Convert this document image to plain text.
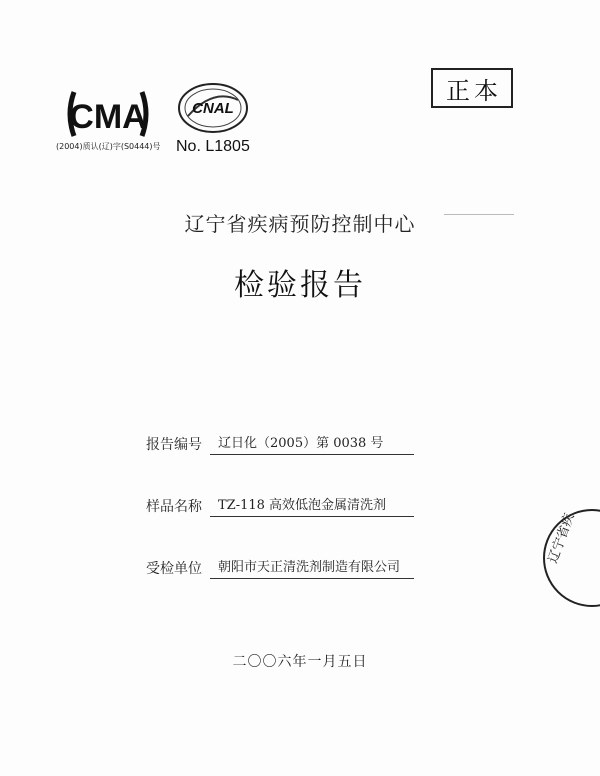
CMA
(2004)质认(辽)字(S0444)号
CNAL
No. L1805
正本
辽宁省疾病预防控制中心
检验报告
报告编号	辽日化（2005）第 0038 号
样品名称	TZ-118 高效低泡金属清洗剂
受检单位	朝阳市天正清洗剂制造有限公司
二〇〇六年一月五日
辽宁省疾
